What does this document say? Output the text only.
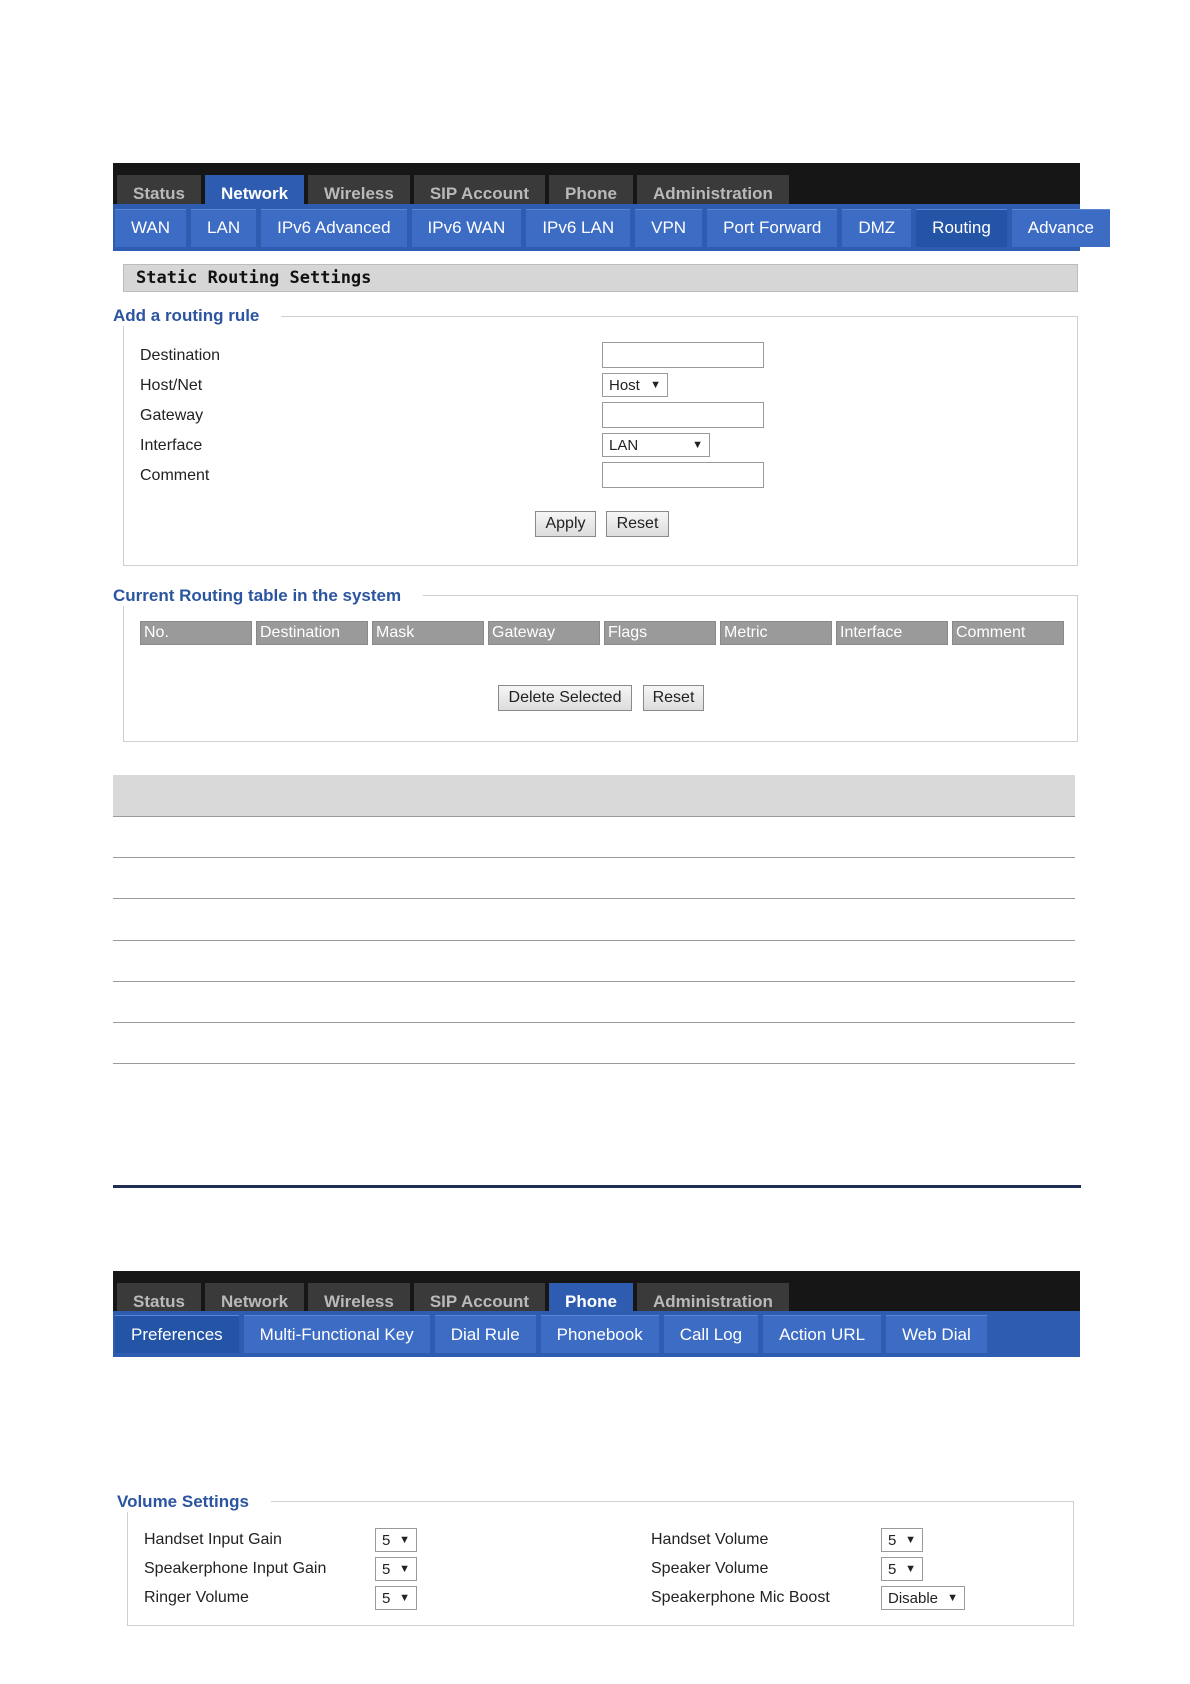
Status	Network	Wireless	SIP Account	Phone	Administration
WAN	LAN	IPv6 Advanced	IPv6 WAN	IPv6 LAN	VPN	Port Forward	DMZ	Routing	Advance
Static Routing Settings
Add a routing rule
Destination
Host/Net	Host ▼
Gateway
Interface	LAN	▼
Comment
Apply	Reset
Current Routing table in the system
No.	Destination	Mask	Gateway	Flags	Metric	Interface	Comment
Delete Selected	Reset
Status	Network	Wireless	SIP Account	Phone	Administration
Preferences	Multi-Functional Key	Dial Rule	Phonebook	Call Log	Action URL	Web Dial
Volume Settings
Handset Input Gain	5 ▼
Speakerphone Input Gain	5 ▼
Ringer Volume	5 ▼
Handset Volume	5 ▼
Speaker Volume	5 ▼
Speakerphone Mic Boost	Disable ▼
